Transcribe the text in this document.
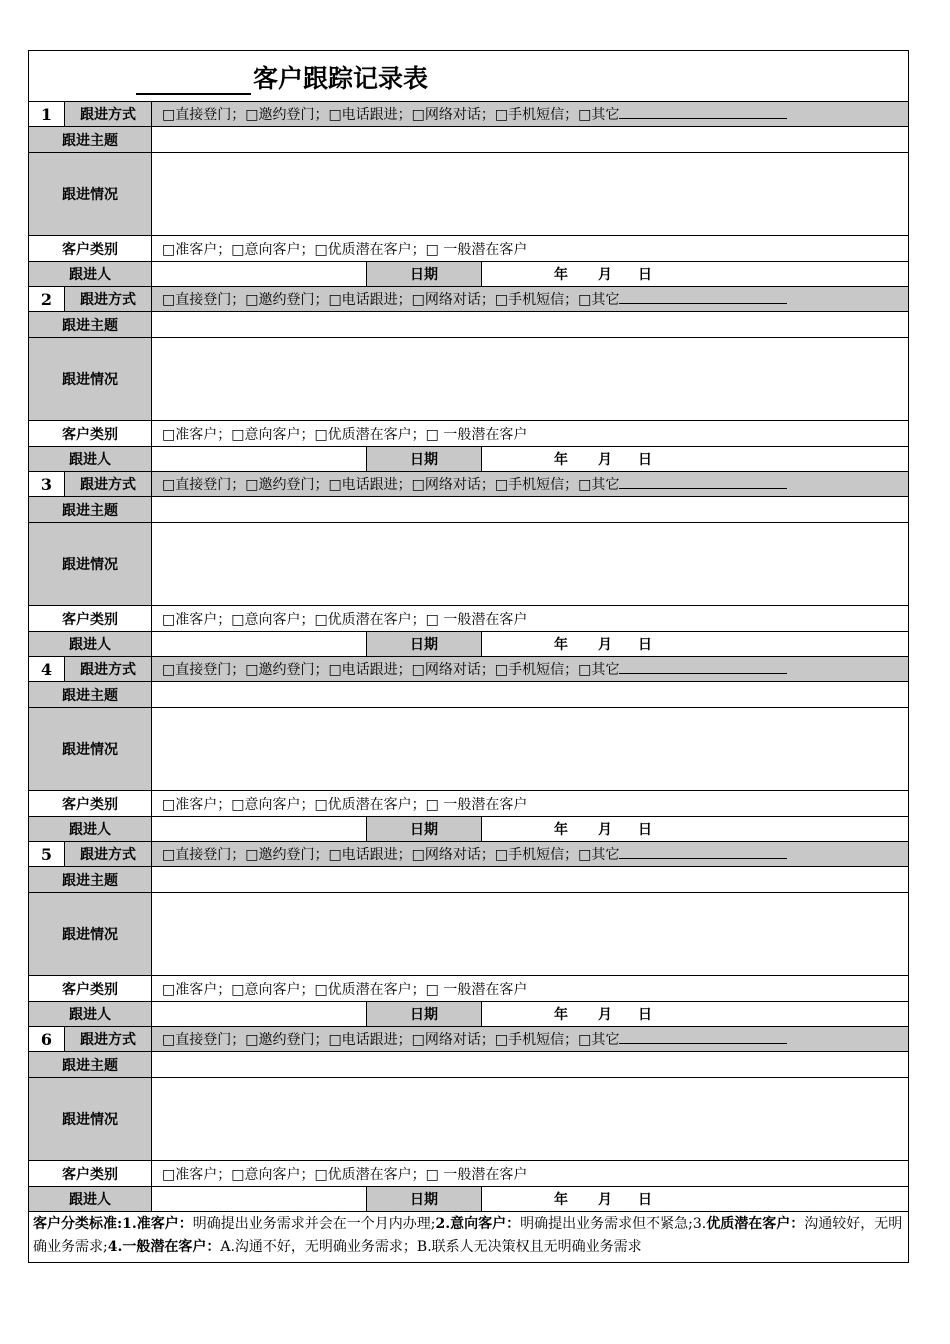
客户跟踪记录表				

1	跟进方式	□直接登门；□邀约登门；□电话跟进；□网络对话；□手机短信；□其它		
跟进主题				
跟进情况				
客户类别		□准客户；□意向客户；□优质潜在客户；□ 一般潜在客户		
跟进人			日期	年 月 日
2	跟进方式	□直接登门；□邀约登门；□电话跟进；□网络对话；□手机短信；□其它		
跟进主题				
跟进情况				
客户类别		□准客户；□意向客户；□优质潜在客户；□ 一般潜在客户		
跟进人			日期	年 月 日
3	跟进方式	□直接登门；□邀约登门；□电话跟进；□网络对话；□手机短信；□其它		
跟进主题				
跟进情况				
客户类别		□准客户；□意向客户；□优质潜在客户；□ 一般潜在客户		
跟进人			日期	年 月 日
4	跟进方式	□直接登门；□邀约登门；□电话跟进；□网络对话；□手机短信；□其它		
跟进主题				
跟进情况				
客户类别		□准客户；□意向客户；□优质潜在客户；□ 一般潜在客户		
跟进人			日期	年 月 日
5	跟进方式	□直接登门；□邀约登门；□电话跟进；□网络对话；□手机短信；□其它		
跟进主题				
跟进情况				
客户类别		□准客户；□意向客户；□优质潜在客户；□ 一般潜在客户		
跟进人			日期	年 月 日
6	跟进方式	□直接登门；□邀约登门；□电话跟进；□网络对话；□手机短信；□其它		
跟进主题				
跟进情况				
客户类别		□准客户；□意向客户；□优质潜在客户；□ 一般潜在客户		
跟进人			日期	年 月 日
客户分类标准:1.准客户：明确提出业务需求并会在一个月内办理;2.意向客户：明确提出业务需求但不紧急;3.优质潜在客户：沟通较好，无明确业务需求;4.一般潜在客户：A.沟通不好，无明确业务需求；B.联系人无决策权且无明确业务需求				
